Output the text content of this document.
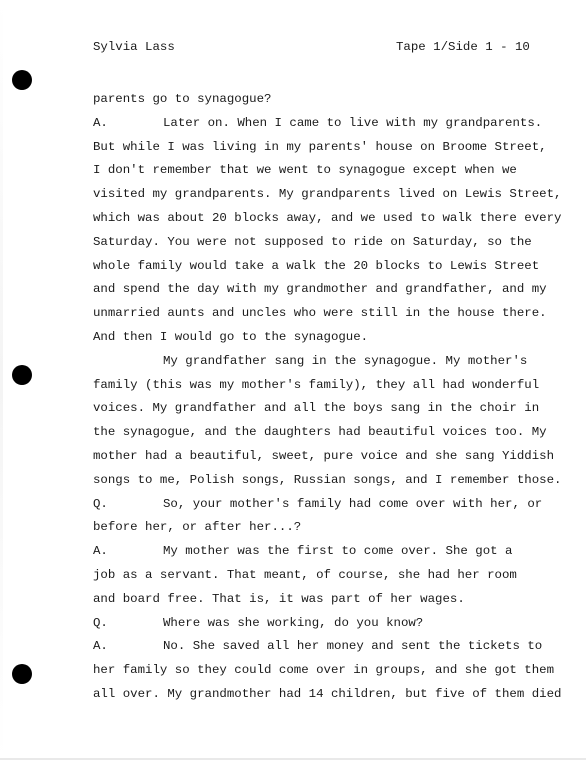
Sylvia Lass	Tape 1/Side 1 - 10
parents go to synagogue?
A.	Later on. When I came to live with my grandparents.
But while I was living in my parents' house on Broome Street,
I don't remember that we went to synagogue except when we
visited my grandparents. My grandparents lived on Lewis Street,
which was about 20 blocks away, and we used to walk there every
Saturday. You were not supposed to ride on Saturday, so the
whole family would take a walk the 20 blocks to Lewis Street
and spend the day with my grandmother and grandfather, and my
unmarried aunts and uncles who were still in the house there.
And then I would go to the synagogue.
My grandfather sang in the synagogue. My mother's
family (this was my mother's family), they all had wonderful
voices. My grandfather and all the boys sang in the choir in
the synagogue, and the daughters had beautiful voices too. My
mother had a beautiful, sweet, pure voice and she sang Yiddish
songs to me, Polish songs, Russian songs, and I remember those.
Q.	So, your mother's family had come over with her, or
before her, or after her...?
A.	My mother was the first to come over. She got a
job as a servant. That meant, of course, she had her room
and board free. That is, it was part of her wages.
Q.	Where was she working, do you know?
A.	No. She saved all her money and sent the tickets to
her family so they could come over in groups, and she got them
all over. My grandmother had 14 children, but five of them died
